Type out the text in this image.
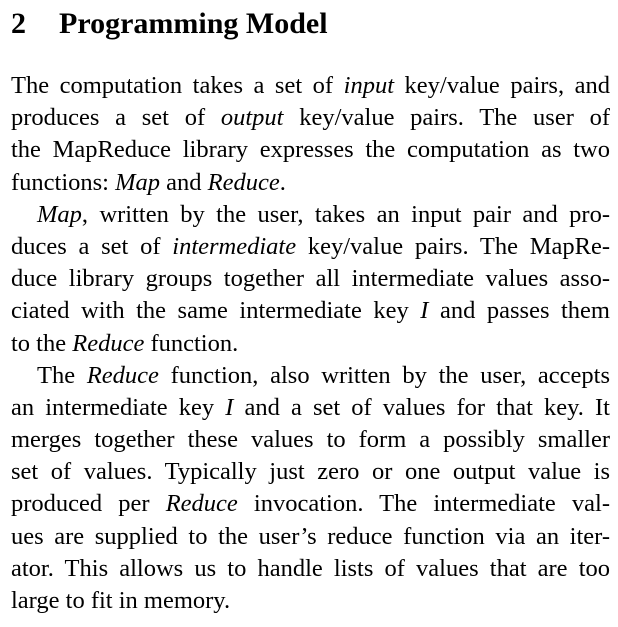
2 Programming Model

The computation takes a set of input key/value pairs, and
produces a set of output key/value pairs. The user of
the MapReduce library expresses the computation as two
functions: Map and Reduce.

Map, written by the user, takes an input pair and pro-
duces a set of intermediate key/value pairs. The MapRe-
duce library groups together all intermediate values asso-
ciated with the same intermediate key I and passes them
to the Reduce function.

The Reduce function, also written by the user, accepts
an intermediate key I and a set of values for that key. It
merges together these values to form a possibly smaller
set of values. Typically just zero or one output value is
produced per Reduce invocation. The intermediate val-
ues are supplied to the user’s reduce function via an iter-
ator. This allows us to handle lists of values that are too
large to fit in memory.
